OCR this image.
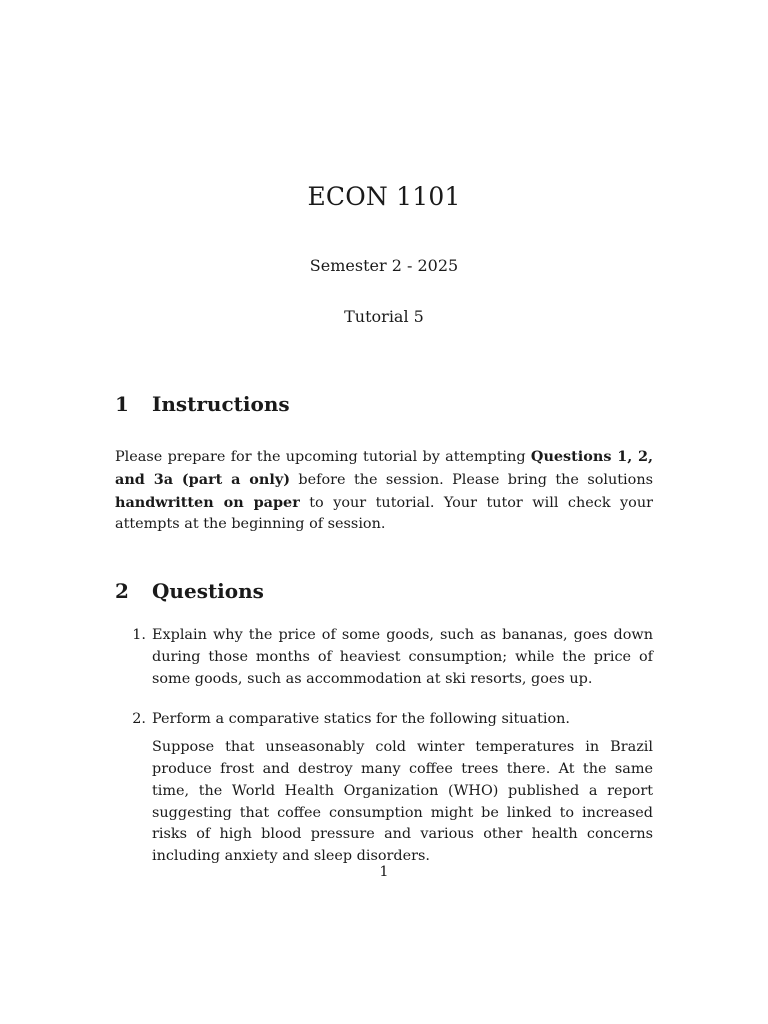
ECON 1101
Semester 2 - 2025
Tutorial 5
1	Instructions
Please prepare for the upcoming tutorial by attempting Questions 1, 2, and 3a (part a only) before the session. Please bring the solutions handwritten on paper to your tutorial. Your tutor will check your attempts at the beginning of session.
2	Questions
1. Explain why the price of some goods, such as bananas, goes down during those months of heaviest consumption; while the price of some goods, such as accommodation at ski resorts, goes up.

2. Perform a comparative statics for the following situation.

Suppose that unseasonably cold winter temperatures in Brazil produce frost and destroy many coffee trees there. At the same time, the World Health Organization (WHO) published a report suggesting that coffee consumption might be linked to increased risks of high blood pressure and various other health concerns including anxiety and sleep disorders.

1
